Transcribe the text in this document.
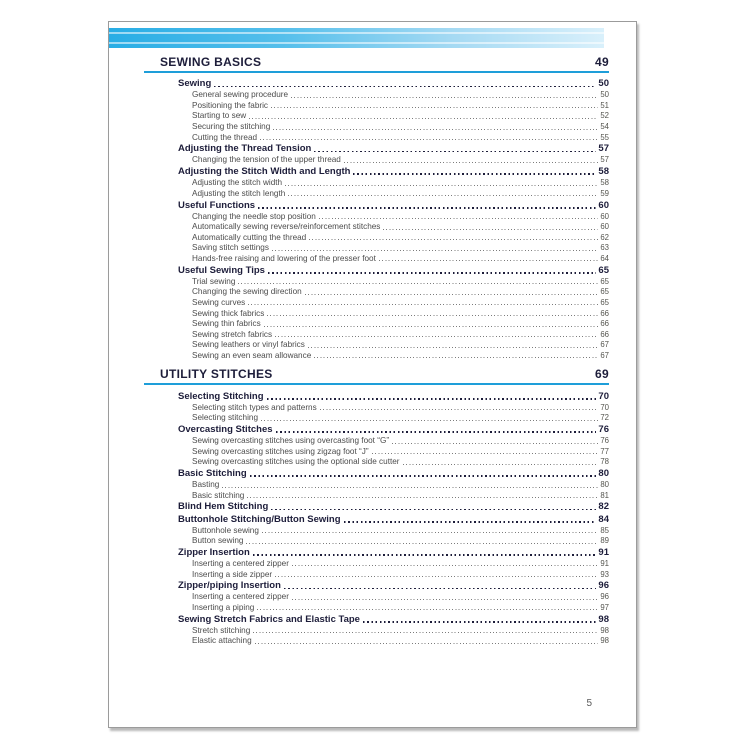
SEWING BASICS	49
Sewing	50
General sewing procedure	50
Positioning the fabric	51
Starting to sew	52
Securing the stitching	54
Cutting the thread	55
Adjusting the Thread Tension	57
Changing the tension of the upper thread	57
Adjusting the Stitch Width and Length	58
Adjusting the stitch width	58
Adjusting the stitch length	59
Useful Functions	60
Changing the needle stop position	60
Automatically sewing reverse/reinforcement stitches	60
Automatically cutting the thread	62
Saving stitch settings	63
Hands-free raising and lowering of the presser foot	64
Useful Sewing Tips	65
Trial sewing	65
Changing the sewing direction	65
Sewing curves	65
Sewing thick fabrics	66
Sewing thin fabrics	66
Sewing stretch fabrics	66
Sewing leathers or vinyl fabrics	67
Sewing an even seam allowance	67
UTILITY STITCHES	69
Selecting Stitching	70
Selecting stitch types and patterns	70
Selecting stitching	72
Overcasting Stitches	76
Sewing overcasting stitches using overcasting foot “G”	76
Sewing overcasting stitches using zigzag foot “J”	77
Sewing overcasting stitches using the optional side cutter	78
Basic Stitching	80
Basting	80
Basic stitching	81
Blind Hem Stitching	82
Buttonhole Stitching/Button Sewing	84
Buttonhole sewing	85
Button sewing	89
Zipper Insertion	91
Inserting a centered zipper	91
Inserting a side zipper	93
Zipper/piping Insertion	96
Inserting a centered zipper	96
Inserting a piping	97
Sewing Stretch Fabrics and Elastic Tape	98
Stretch stitching	98
Elastic attaching	98
5
